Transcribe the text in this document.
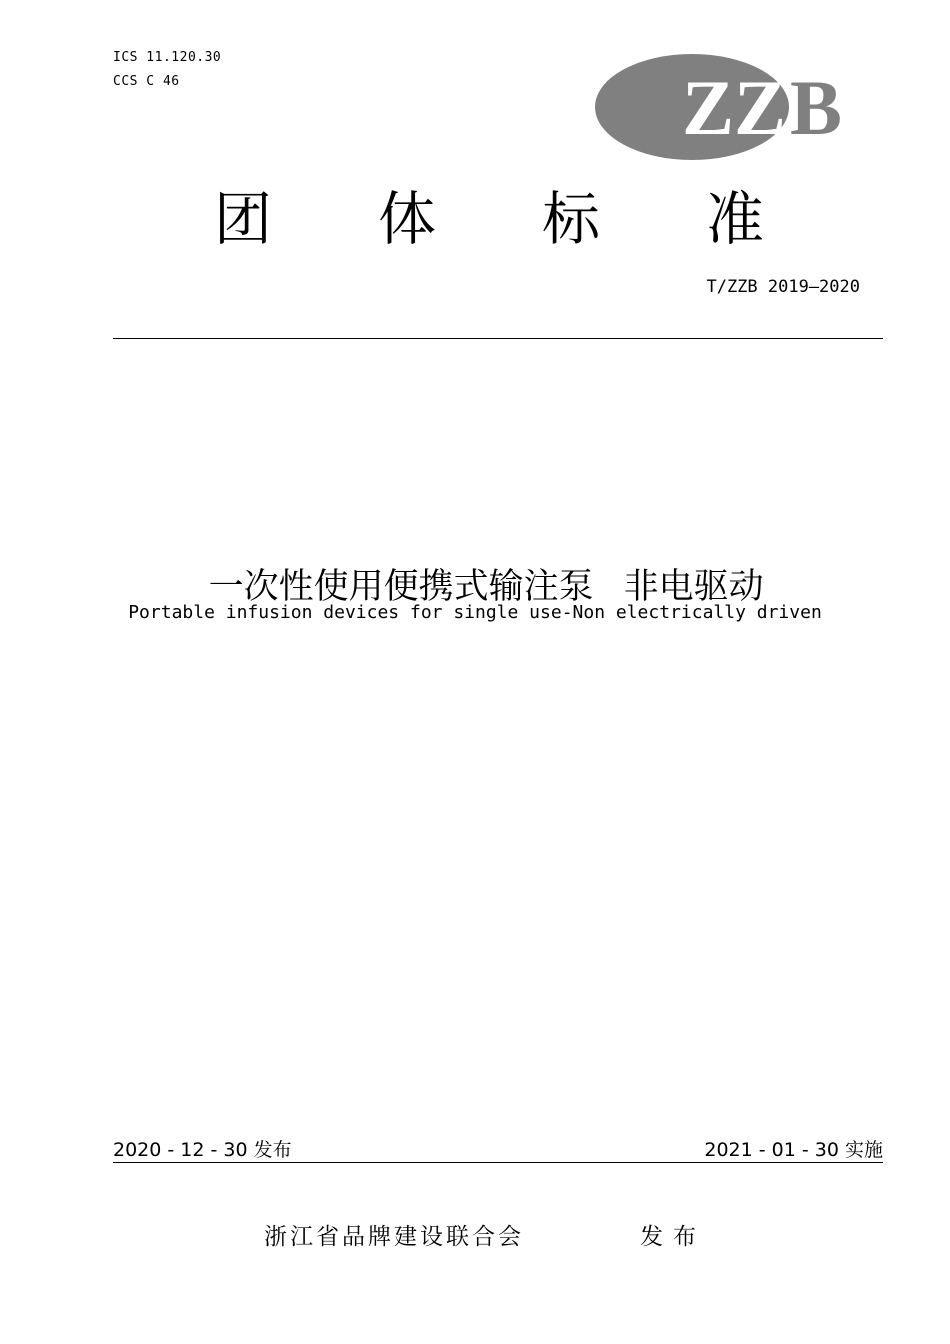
ICS 11.120.30
CCS C 46	ZZ B
团 体 标 准
T/ZZB 2019—2020

一次性使用便携式输注泵 非电驱动

Portable infusion devices for single use-Non electrically driven
2020 - 12 - 30 发布	2021 - 01 - 30 实施
浙江省品牌建设联合会	发布
